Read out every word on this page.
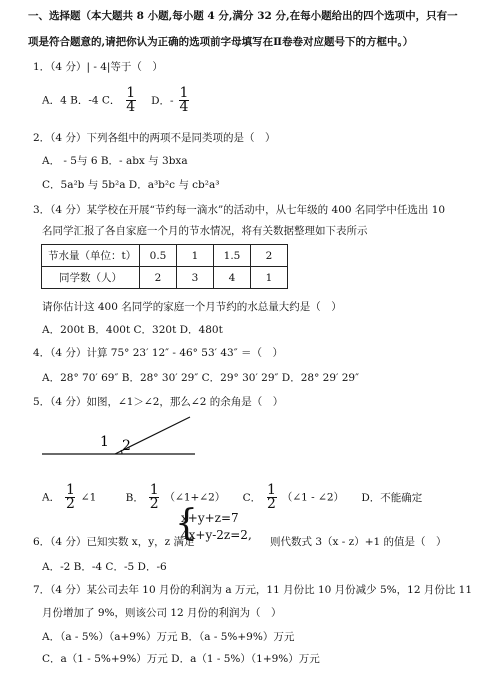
一、选择题（本大题共 8 小题,每小题 4 分,满分 32 分,在每小题给出的四个选项中，只有一
项是符合题意的,请把你认为正确的选项前字母填写在Ⅱ卷卷对应题号下的方框中。）
1．（4 分）| - 4|等于（　）
A．4 B．-4 C． $\frac{1}{4}$ D．- $\frac{1}{4}$
2．（4 分）下列各组中的两项不是同类项的是（　）
A． - 5与 6 B．- abx 与 3bxa
C．5a²b 与 5b²a D．a³b²c 与 cb²a³
3．（4 分）某学校在开展“节约每一滴水”的活动中，从七年级的 400 名同学中任选出 10
名同学汇报了各自家庭一个月的节水情况，将有关数据整理如下表所示
节水量（单位：t）	0.5	1	1.5	2
同学数（人）	2	3	4	1
请你估计这 400 名同学的家庭一个月节约的水总量大约是（　）
A．200t B．400t C．320t D．480t
4．（4 分）计算 75° 23′ 12″ - 46° 53′ 43″ ＝（　）
A．28° 70′ 69″ B．28° 30′ 29″ C．29° 30′ 29″ D．28° 29′ 29″
5．（4 分）如图，∠1＞∠2，那么∠2 的余角是（　）
1 2
A． $\frac{1}{2}$ ∠1	B． $\frac{1}{2}$ （∠1+∠2） C． $\frac{1}{2}$ （∠1 - ∠2） D．不能确定
{
x+y+z=7
4x+y-2z=2,
6．（4 分）已知实数 x，y，z 满足	则代数式 3（x - z）+1 的值是（　）
A．-2 B．-4 C．-5 D．-6
7．（4 分）某公司去年 10 月份的利润为 a 万元，11 月份比 10 月份减少 5%，12 月份比 11
月份增加了 9%，则该公司 12 月份的利润为（　）
A．（a - 5%）（a+9%）万元 B．（a - 5%+9%）万元
C．a（1 - 5%+9%）万元 D．a（1 - 5%）（1+9%）万元
